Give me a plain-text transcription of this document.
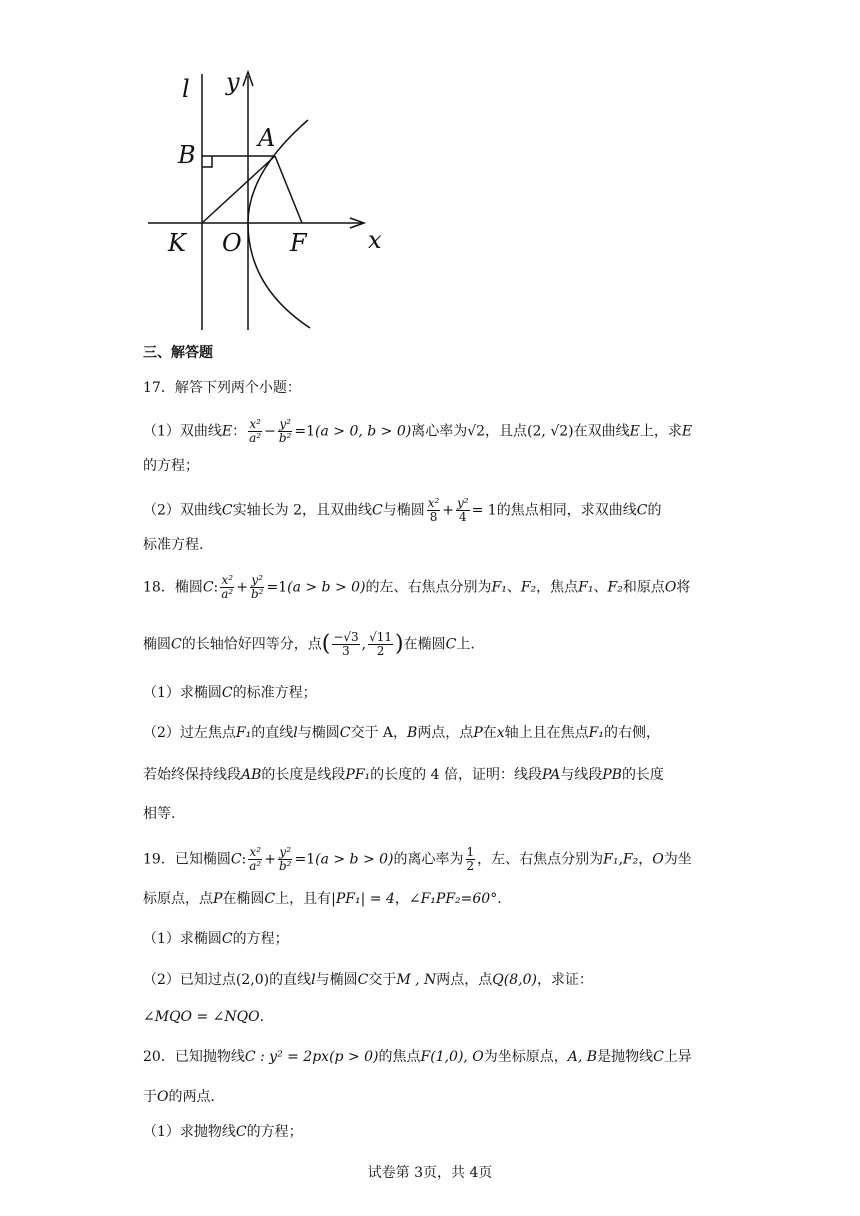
l y
A
B
K O F	x
三、解答题
17．解答下列两个小题：
（1）双曲线E： $\frac{\text{x²}}{\text{a²}} - \frac{\text{y²}}{\text{b²}} =1(a > 0$, b > 0)离心率为√2，且点(2, √2)在双曲线E上，求E
的方程；
（2）双曲线C实轴长为 2，且双曲线C与椭圆 $\frac{\text{x²}}{8} + \frac{\text{y²}}{4} = 1$的焦点相同，求双曲线C的
标准方程.
18．椭圆C: $\frac{\text{x²}}{\text{a²}} + \frac{\text{y²}}{\text{b²}} =1(a > b > 0)$的左、右焦点分别为F₁、F₂，焦点F₁、F₂和原点O将
椭圆C的长轴恰好四等分，点( $\frac{-√3}{3}$ , $\frac{√11}{2}$ )在椭圆C上.
（1）求椭圆C的标准方程；
（2）过左焦点F₁的直线l与椭圆C交于 A，B两点，点P在x轴上且在焦点F₁的右侧，
若始终保持线段AB的长度是线段PF₁的长度的 4 倍，证明：线段PA与线段PB的长度
相等.
19．已知椭圆C: $\frac{\text{x²}}{\text{a²}} + \frac{\text{y²}}{\text{b²}} =1(a > b > 0)$的离心率为 $\frac{1}{2}$ ，左、右焦点分别为F₁,F₂，O为坐
标原点，点P在椭圆C上，且有|PF₁| = 4，∠F₁PF₂=60°.
（1）求椭圆C的方程；
（2）已知过点(2,0)的直线l与椭圆C交于M , N两点，点Q(8,0)，求证：
∠MQO = ∠NQO.
20．已知抛物线C : y² = 2px(p > 0)的焦点F(1,0), O为坐标原点，A, B是抛物线C上异
于O的两点.
（1）求抛物线C的方程；
试卷第 3页，共 4页
